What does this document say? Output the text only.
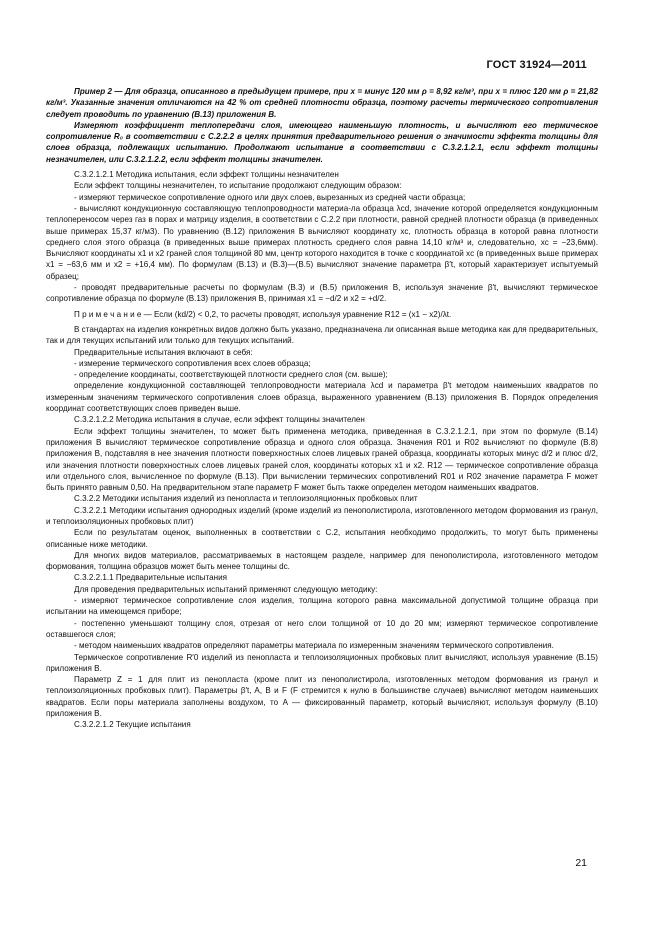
ГОСТ 31924—2011

Пример 2 — Для образца, описанного в предыдущем примере, при x = минус 120 мм ρ = 8,92 кг/м³, при x = плюс 120 мм ρ = 21,82 кг/м³. Указанные значения отличаются на 42 % от средней плотности образца, поэтому расчеты термического сопротивления следует проводить по уравнению (В.13) приложения В.

Измеряют коэффициент теплопередачи слоя, имеющего наименьшую плотность, и вычисляют его термическое сопротивление R₀ в соответствии с С.2.2.2 в целях принятия предварительного решения о значимости эффекта толщины для слоев образца, подлежащих испытанию. Продолжают испытание в соответствии с С.3.2.1.2.1, если эффект толщины незначителен, или С.3.2.1.2.2, если эффект толщины значителен.

С.3.2.1.2.1 Методика испытания, если эффект толщины незначителен

Если эффект толщины незначителен, то испытание продолжают следующим образом:

- измеряют термическое сопротивление одного или двух слоев, вырезанных из средней части образца;

- вычисляют кондукционную составляющую теплопроводности материа-ла образца λcd, значение которой определяется кондукционным теплопереносом через газ в порах и матрицу изделия, в соответствии с С.2.2 при плотности, равной средней плотности образца (в приведенных выше примерах 15,37 кг/м3). По уравнению (В.12) приложения В вычисляют координату xc, плотность образца в которой равна плотности среднего слоя этого образца (в приведенных выше примерах плотность среднего слоя равна 14,10 кг/м³ и, следовательно, xc = −23,6мм). Вычисляют координаты x1 и x2 граней слоя толщиной 80 мм, центр которого находится в точке с координатой xc (в приведенных выше примерах x1 = −63,6 мм и x2 = +16,4 мм). По формулам (В.13) и (В.3)—(В.5) вычисляют значение параметра β′t, который характеризует испытуемый образец;

- проводят предварительные расчеты по формулам (В.3) и (В.5) приложения В, используя значение β′t, вычисляют термическое сопротивление образца по формуле (В.13) приложения В, принимая x1 = −d/2 и x2 = +d/2.

П р и м е ч а н и е — Если (kd/2) < 0,2, то расчеты проводят, используя уравнение R12 = (x1 − x2)/λt.

В стандартах на изделия конкретных видов должно быть указано, предназначена ли описанная выше методика как для предварительных, так и для текущих испытаний или только для текущих испытаний.

Предварительные испытания включают в себя:

- измерение термического сопротивления всех слоев образца;

- определение координаты, соответствующей плотности среднего слоя (см. выше);

определение кондукционной составляющей теплопроводности материала λcd и параметра β′t методом наименьших квадратов по измеренным значениям термического сопротивления слоев образца, выраженного уравнением (В.13) приложения В. Порядок определения координат соответствующих слоев приведен выше.

С.3.2.1.2.2 Методика испытания в случае, если эффект толщины значителен

Если эффект толщины значителен, то может быть применена методика, приведенная в С.3.2.1.2.1, при этом по формуле (В.14) приложения В вычисляют термическое сопротивление образца и одного слоя образца. Значения R01 и R02 вычисляют по формуле (В.8) приложения В, подставляя в нее значения плотности поверхностных слоев лицевых граней образца, координаты которых минус d/2 и плюс d/2, или значения плотности поверхностных слоев лицевых граней слоя, координаты которых x1 и x2. R12 — термическое сопротивление образца или отдельного слоя, вычисленное по формуле (В.13). При вычислении термических сопротивлений R01 и R02 значение параметра F может быть принято равным 0,50. На предварительном этапе параметр F может быть также определен методом наименьших квадратов.

С.3.2.2 Методики испытания изделий из пенопласта и теплоизоляционных пробковых плит

С.3.2.2.1 Методики испытания однородных изделий (кроме изделий из пенополистирола, изготовленного методом формования из гранул, и теплоизоляционных пробковых плит)

Если по результатам оценок, выполненных в соответствии с С.2, испытания необходимо продолжить, то могут быть применены описанные ниже методики.

Для многих видов материалов, рассматриваемых в настоящем разделе, например для пенополистирола, изготовленного методом формования, толщина образцов может быть менее толщины dc.

С.3.2.2.1.1 Предварительные испытания

Для проведения предварительных испытаний применяют следующую методику:

- измеряют термическое сопротивление слоя изделия, толщина которого равна максимальной допустимой толщине образца при испытании на имеющемся приборе;

- постепенно уменьшают толщину слоя, отрезая от него слои толщиной от 10 до 20 мм; измеряют термическое сопротивление оставшегося слоя;

- методом наименьших квадратов определяют параметры материала по измеренным значениям термического сопротивления.

Термическое сопротивление R′0 изделий из пенопласта и теплоизоляционных пробковых плит вычисляют, используя уравнение (В.15) приложения В.

Параметр Z = 1 для плит из пенопласта (кроме плит из пенополистирола, изготовленных методом формования из гранул и теплоизоляционных пробковых плит). Параметры β′t, A, B и F (F стремится к нулю в большинстве случаев) вычисляют методом наименьших квадратов. Если поры материала заполнены воздухом, то A — фиксированный параметр, который вычисляют, используя формулу (В.10) приложения В.

С.3.2.2.1.2 Текущие испытания

21
